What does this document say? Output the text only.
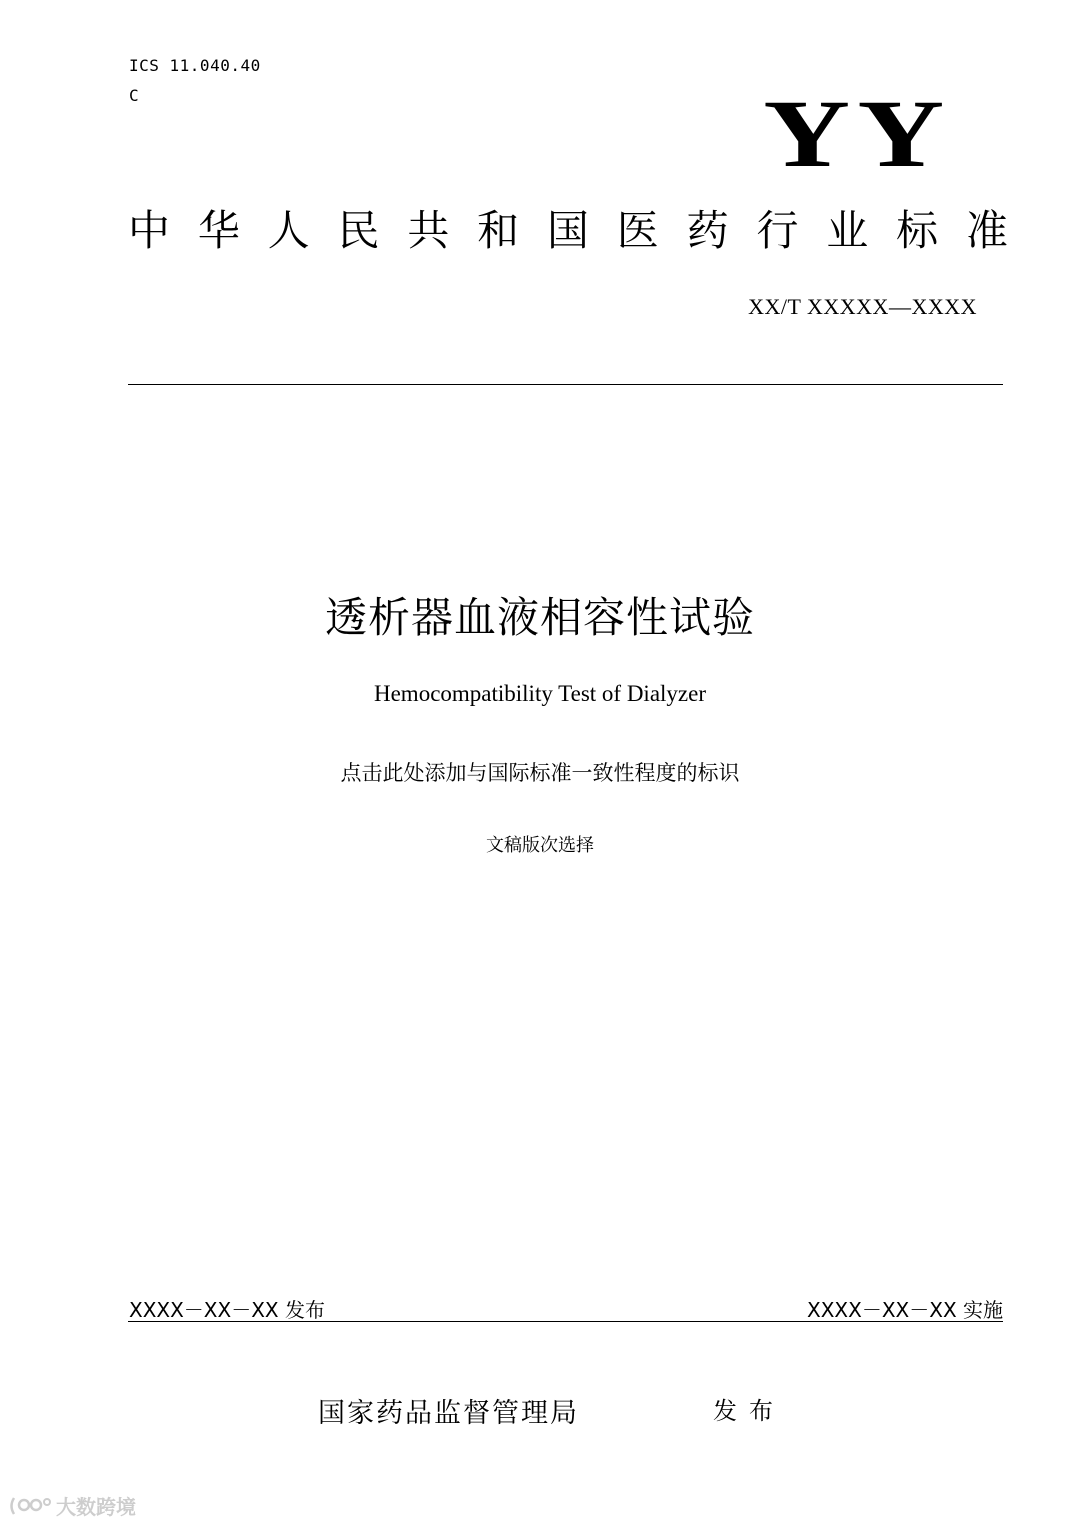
ICS 11.040.40
C	YY
中 华 人 民 共 和 国 医 药 行 业 标 准
XX/T XXXXX—XXXX
透析器血液相容性试验
Hemocompatibility Test of Dialyzer
点击此处添加与国际标准一致性程度的标识
文稿版次选择
XXXX－XX－XX 发布	XXXX－XX－XX 实施
国家药品监督管理局	发布
大数跨境
